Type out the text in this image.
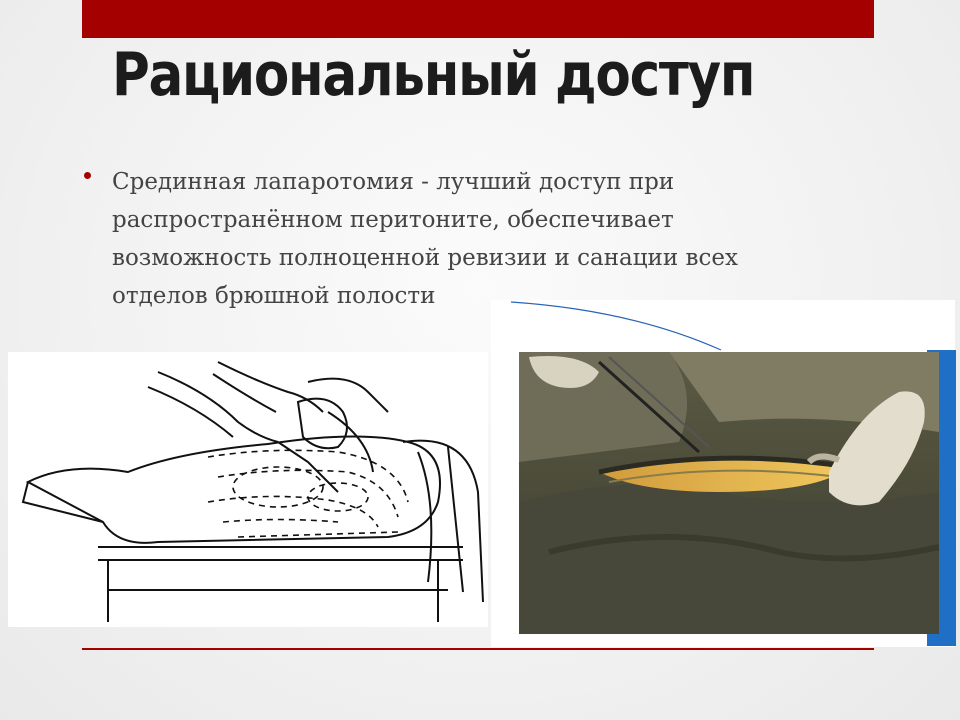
Рациональный доступ
Срединная лапаротомия - лучший доступ при распространённом перитоните, обеспечивает возможность полноценной ревизии и санации всех отделов брюшной полости
